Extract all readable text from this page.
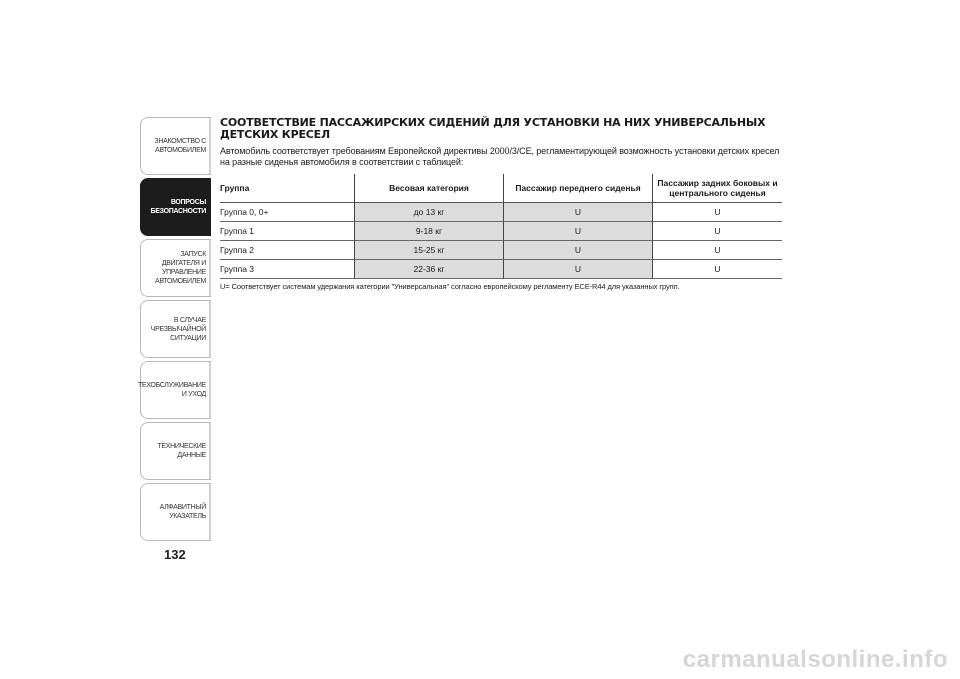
ЗНАКОМСТВО С
АВТОМОБИЛЕМ
ВОПРОСЫ
БЕЗОПАСНОСТИ
ЗАПУСК ДВИГАТЕЛЯ И
УПРАВЛЕНИЕ
АВТОМОБИЛЕМ
В СЛУЧАЕ
ЧРЕЗВЫЧАЙНОЙ
СИТУАЦИИ
ТЕХОБСЛУЖИВАНИЕ
И УХОД
ТЕХНИЧЕСКИЕ
ДАННЫЕ
АЛФАВИТНЫЙ
УКАЗАТЕЛЬ
132
СООТВЕТСТВИЕ ПАССАЖИРСКИХ СИДЕНИЙ ДЛЯ УСТАНОВКИ НА НИХ УНИВЕРСАЛЬНЫХ ДЕТСКИХ КРЕСЕЛ

Автомобиль соответствует требованиям Европейской директивы 2000/3/CE, регламентирующей возможность установки детских кресел на разные сиденья автомобиля в соответствии с таблицей:

Группа	Весовая категория	Пассажир переднего сиденья	Пассажир задних боковых и центрального сиденья
Группа 0, 0+	до 13 кг	U	U
Группа 1	9-18 кг	U	U
Группа 2	15-25 кг	U	U
Группа 3	22-36 кг	U	U
U= Соответствует системам удержания категории "Универсальная" согласно европейскому регламенту ECE-R44 для указанных групп.
carmanualsonline.info
